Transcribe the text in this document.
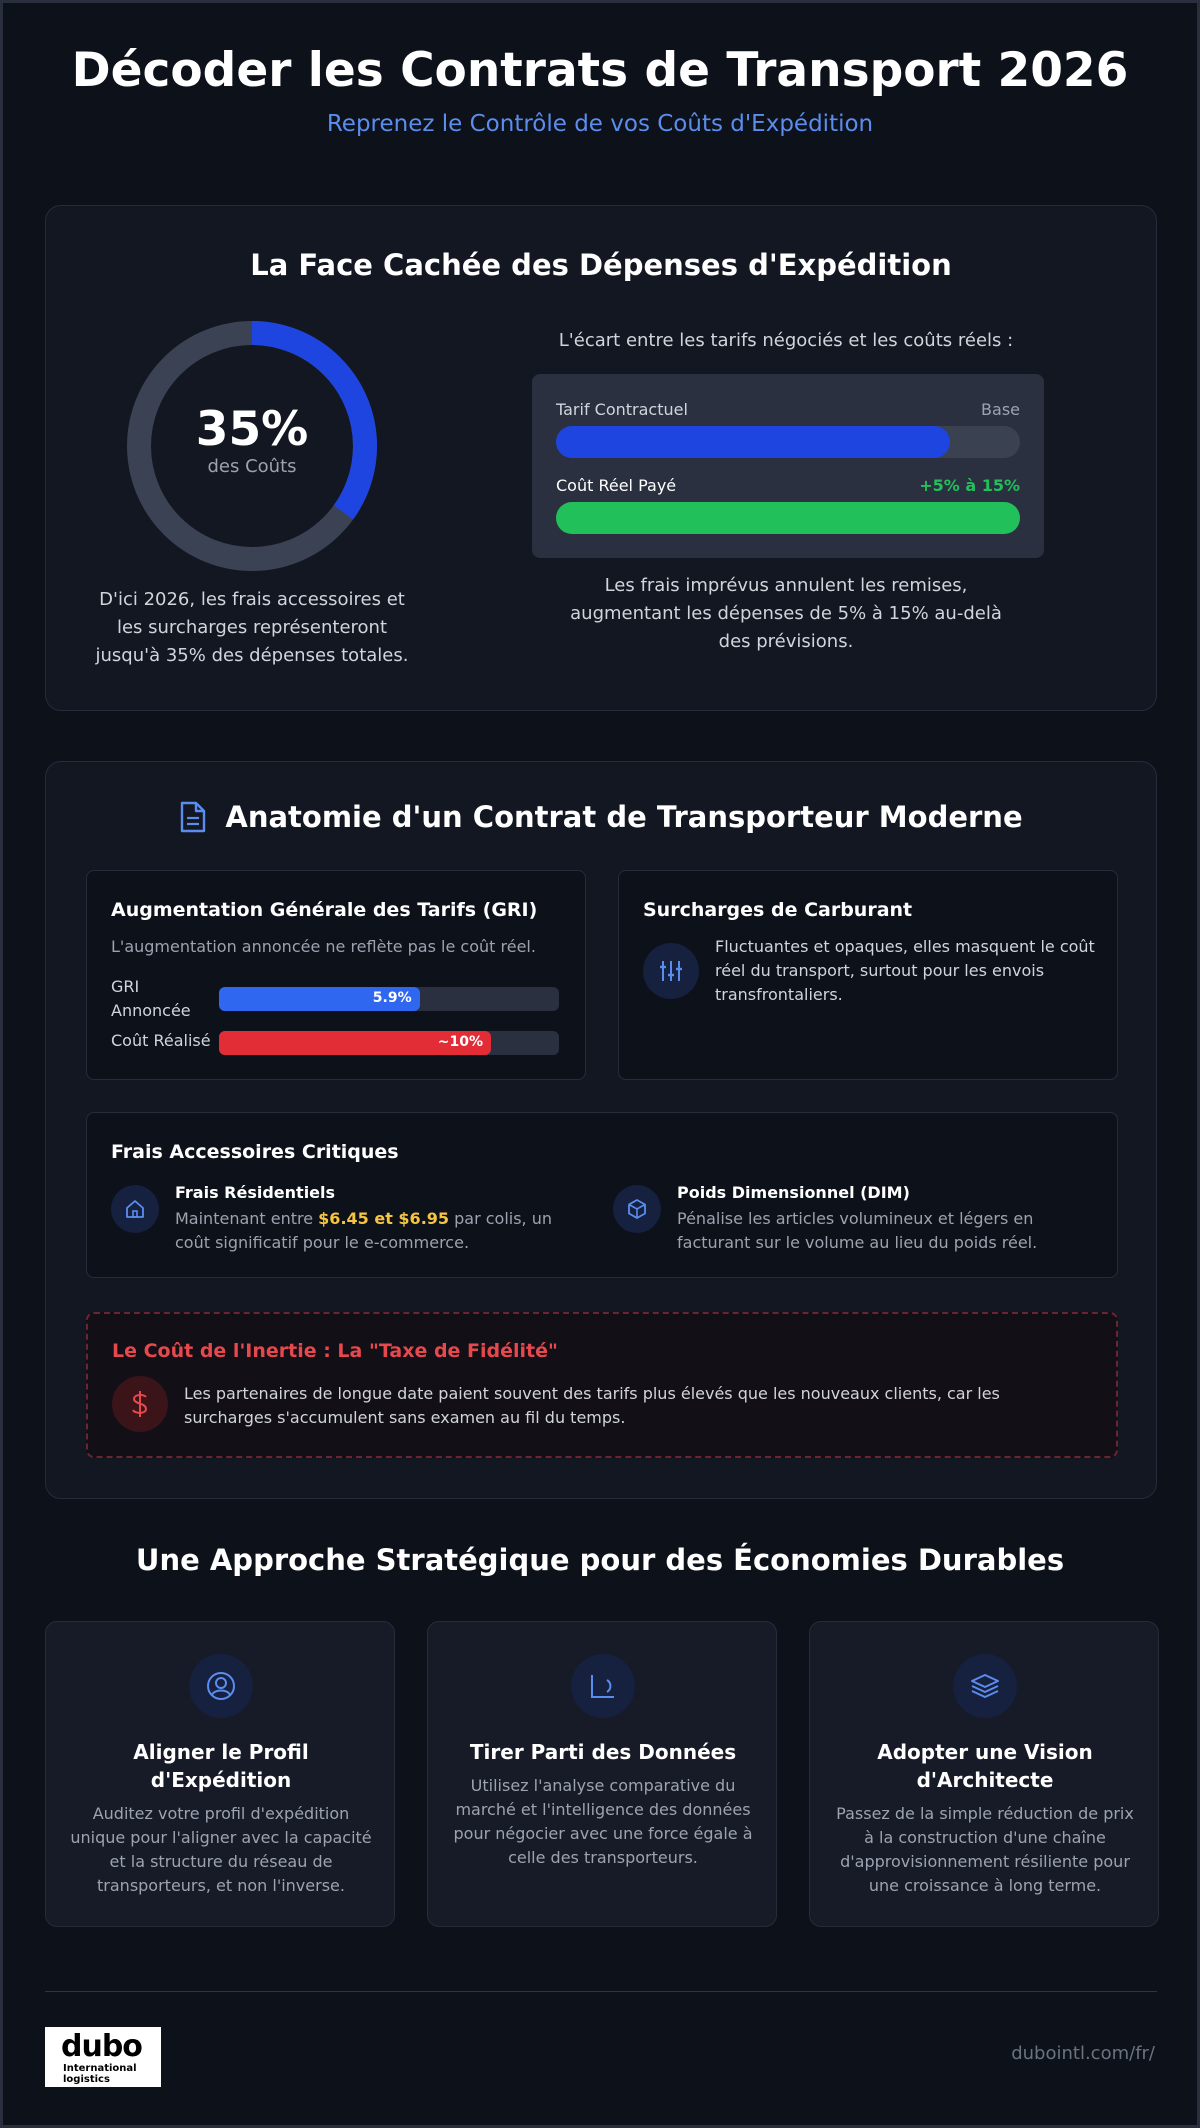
Décoder les Contrats de Transport 2026
Reprenez le Contrôle de vos Coûts d'Expédition
La Face Cachée des Dépenses d'Expédition
35%
des Coûts
D'ici 2026, les frais accessoires et les surcharges représenteront jusqu'à 35% des dépenses totales.
L'écart entre les tarifs négociés et les coûts réels :
Tarif Contractuel	Base
Coût Réel Payé	+5% à 15%
Les frais imprévus annulent les remises, augmentant les dépenses de 5% à 15% au-delà des prévisions.
Anatomie d'un Contrat de Transporteur Moderne
Augmentation Générale des Tarifs (GRI)
L'augmentation annoncée ne reflète pas le coût réel.
GRI
Annoncée
5.9%
Coût Réalisé	~10%
Surcharges de Carburant
Fluctuantes et opaques, elles masquent le coût réel du transport, surtout pour les envois transfrontaliers.
Frais Accessoires Critiques
Frais Résidentiels
Maintenant entre $6.45 et $6.95 par colis, un coût significatif pour le e-commerce.
Poids Dimensionnel (DIM)
Pénalise les articles volumineux et légers en facturant sur le volume au lieu du poids réel.
Le Coût de l'Inertie : La "Taxe de Fidélité"
Les partenaires de longue date paient souvent des tarifs plus élevés que les nouveaux clients, car les surcharges s'accumulent sans examen au fil du temps.
Une Approche Stratégique pour des Économies Durables
Aligner le Profil d'Expédition
Auditez votre profil d'expédition unique pour l'aligner avec la capacité et la structure du réseau de transporteurs, et non l'inverse.
Tirer Parti des Données
Utilisez l'analyse comparative du marché et l'intelligence des données pour négocier avec une force égale à celle des transporteurs.
Adopter une Vision d'Architecte
Passez de la simple réduction de prix à la construction d'une chaîne d'approvisionnement résiliente pour une croissance à long terme.
dubo
International
logistics
dubointl.com/fr/
